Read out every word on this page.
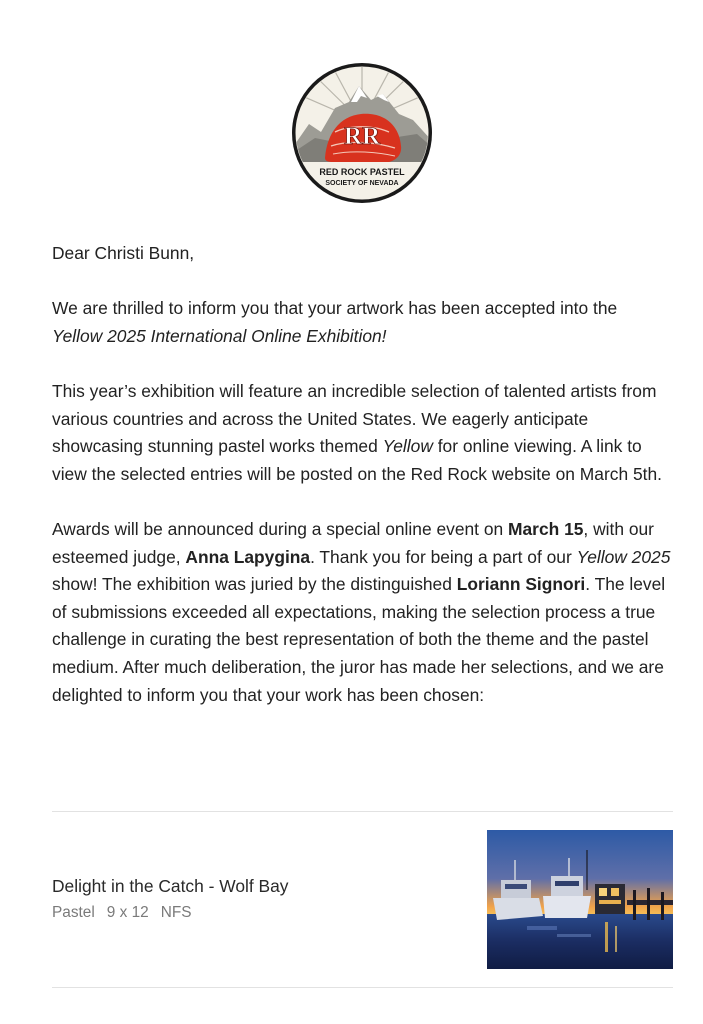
RR
RED ROCK PASTEL
SOCIETY OF NEVADA

Dear Christi Bunn,

We are thrilled to inform you that your artwork has been accepted into the Yellow 2025 International Online Exhibition!

This year’s exhibition will feature an incredible selection of talented artists from various countries and across the United States. We eagerly anticipate showcasing stunning pastel works themed Yellow for online viewing. A link to view the selected entries will be posted on the Red Rock website on March 5th.

Awards will be announced during a special online event on March 15, with our esteemed judge, Anna Lapygina. Thank you for being a part of our Yellow 2025 show! The exhibition was juried by the distinguished Loriann Signori. The level of submissions exceeded all expectations, making the selection process a true challenge in curating the best representation of both the theme and the pastel medium. After much deliberation, the juror has made her selections, and we are delighted to inform you that your work has been chosen:

Delight in the Catch - Wolf Bay
Pastel 9 x 12 NFS
